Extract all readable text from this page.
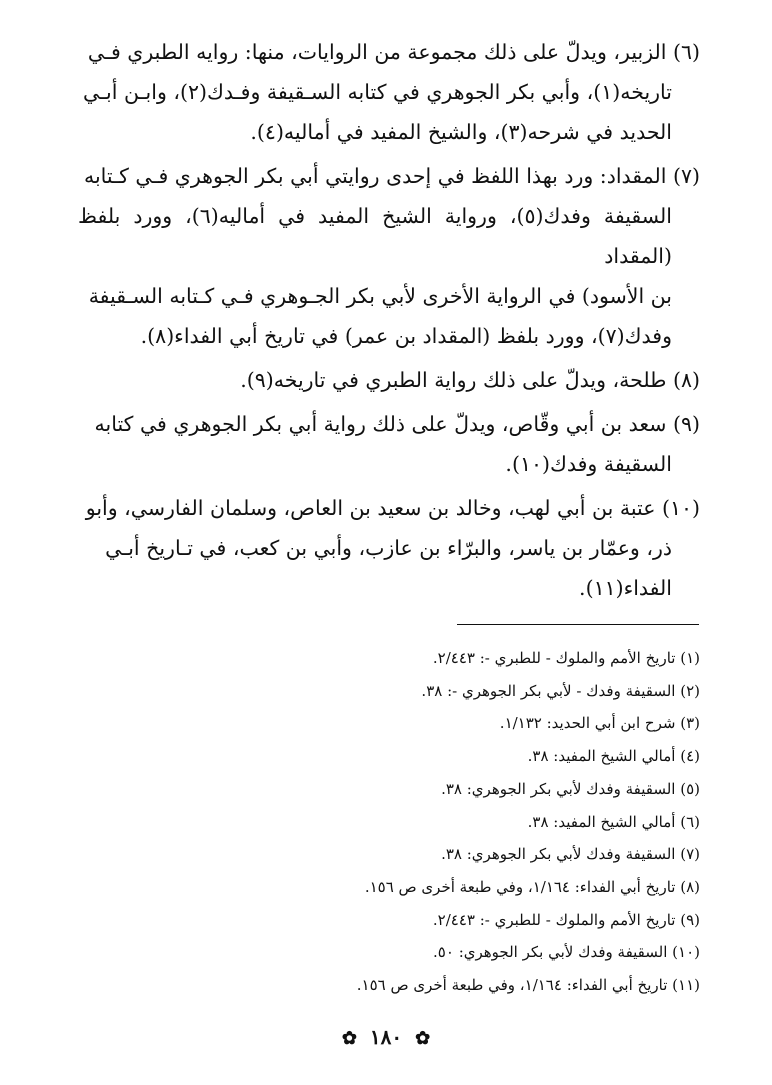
(٦) الزبير، ويدلّ على ذلك مجموعة من الروايات، منها: روايه الطبري فـي
تاريخه(١)، وأبي بكر الجوهري في كتابه السـقيفة وفـدك(٢)، وابـن أبـي
الحديد في شرحه(٣)، والشيخ المفيد في أماليه(٤).
(٧) المقداد: ورد بهذا اللفظ في إحدى روايتي أبي بكر الجوهري فـي كـتابه
السقيفة وفدك(٥)، ورواية الشيخ المفيد في أماليه(٦)، وورد بلفظ (المقداد
بن الأسود) في الرواية الأخرى لأبي بكر الجـوهري فـي كـتابه السـقيفة
وفدك(٧)، وورد بلفظ (المقداد بن عمر) في تاريخ أبي الفداء(٨).
(٨) طلحة، ويدلّ على ذلك رواية الطبري في تاريخه(٩).
(٩) سعد بن أبي وقّاص، ويدلّ على ذلك رواية أبي بكر الجوهري في كتابه
السقيفة وفدك(١٠).
(١٠) عتبة بن أبي لهب، وخالد بن سعيد بن العاص، وسلمان الفارسي، وأبو
ذر، وعمّار بن ياسر، والبرّاء بن عازب، وأبي بن كعب، في تـاريخ أبـي
الفداء(١١).
(١) تاريخ الأمم والملوك - للطبري -: ٢/٤٤٣.
(٢) السقيفة وفدك - لأبي بكر الجوهري -: ٣٨.
(٣) شرح ابن أبي الحديد: ١/١٣٢.
(٤) أمالي الشيخ المفيد: ٣٨.
(٥) السقيفة وفدك لأبي بكر الجوهري: ٣٨.
(٦) أمالي الشيخ المفيد: ٣٨.
(٧) السقيفة وفدك لأبي بكر الجوهري: ٣٨.
(٨) تاريخ أبي الفداء: ١/١٦٤، وفي طبعة أخرى ص ١٥٦.
(٩) تاريخ الأمم والملوك - للطبري -: ٢/٤٤٣.
(١٠) السقيفة وفدك لأبي بكر الجوهري: ٥٠.
(١١) تاريخ أبي الفداء: ١/١٦٤، وفي طبعة أخرى ص ١٥٦.
✿ ١٨٠ ✿
